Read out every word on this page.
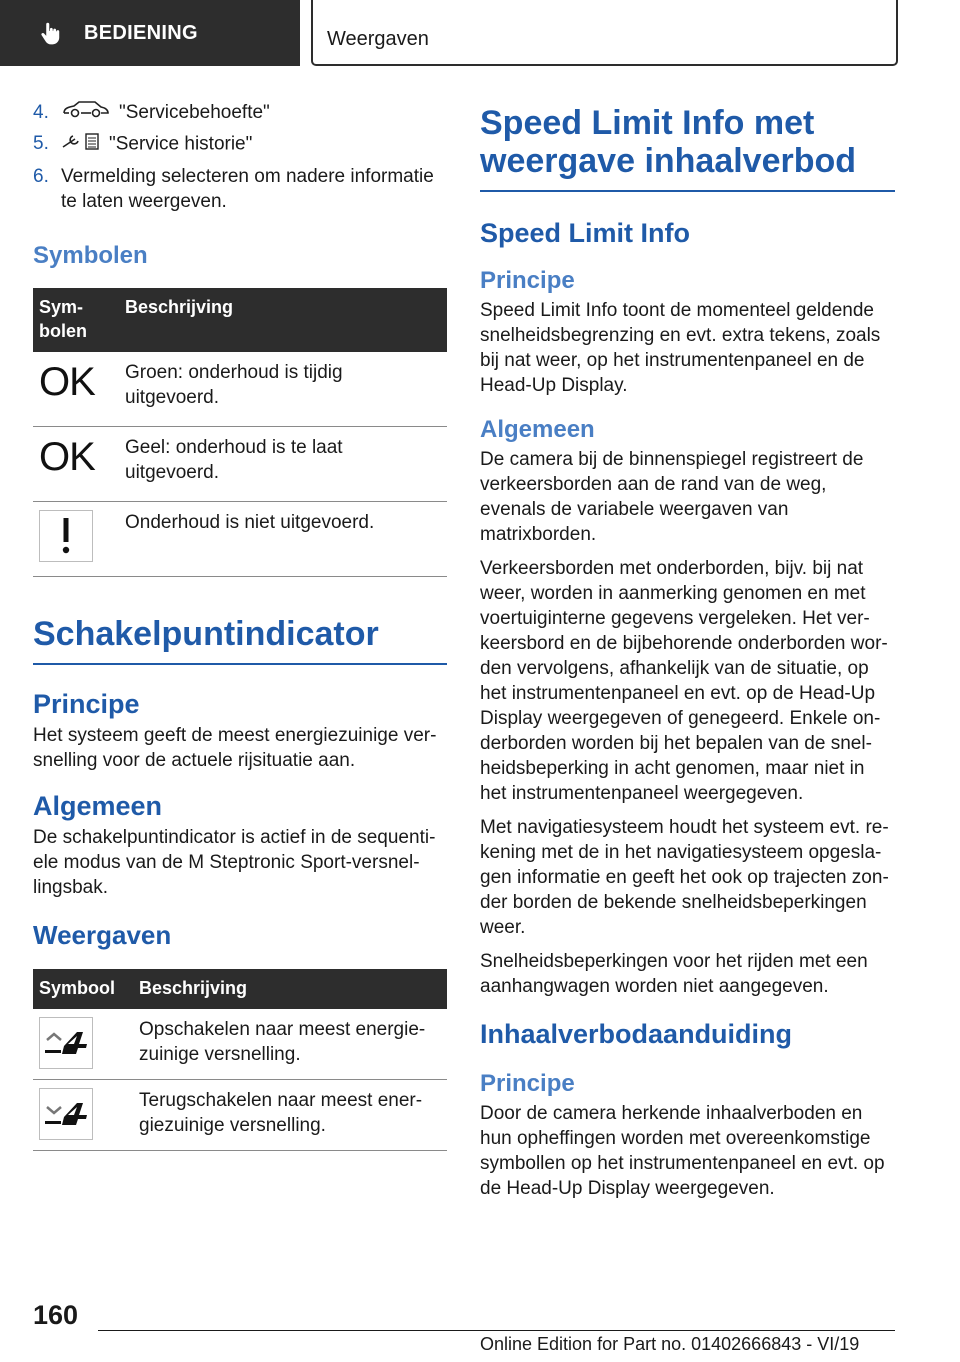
BEDIENING	Weergaven
4.	"Servicebehoefte"
5.	"Service historie"
6. Vermelding selecteren om nadere informatie te laten weergeven.
Symbolen
Sym-bolen	Beschrijving
OK	Groen: onderhoud is tijdig uitgevoerd.
OK	Geel: onderhoud is te laat uitgevoerd.

	Onderhoud is niet uitgevoerd.
Schakelpuntindicator
Principe

Het systeem geeft de meest energiezuinige versnelling voor de actuele rijsituatie aan.

Algemeen

De schakelpuntindicator is actief in de sequentiele modus van de M Steptronic Sport-versnellingsbak.

Weergaven
Symbool	Beschrijving

	Opschakelen naar meest energiezuinige versnelling.

	Terugschakelen naar meest energiezuinige versnelling.
Speed Limit Info met weergave inhaalverbod
Speed Limit Info
Principe

Speed Limit Info toont de momenteel geldende snelheidsbegrenzing en evt. extra tekens, zoals bij nat weer, op het instrumentenpaneel en de Head-Up Display.

Algemeen

De camera bij de binnenspiegel registreert de verkeersborden aan de rand van de weg, evenals de variabele weergaven van matrixborden.

Verkeersborden met onderborden, bijv. bij nat weer, worden in aanmerking genomen en met voertuiginterne gegevens vergeleken. Het verkeersbord en de bijbehorende onderborden worden vervolgens, afhankelijk van de situatie, op het instrumentenpaneel en evt. op de Head-Up Display weergegeven of genegeerd. Enkele onderborden worden bij het bepalen van de snelheidsbeperking in acht genomen, maar niet in het instrumentenpaneel weergegeven.

Met navigatiesysteem houdt het systeem evt. rekening met de in het navigatiesysteem opgeslagen informatie en geeft het ook op trajecten zonder borden de bekende snelheidsbeperkingen weer.

Snelheidsbeperkingen voor het rijden met een aanhangwagen worden niet aangegeven.

Inhaalverbodaanduiding
Principe

Door de camera herkende inhaalverboden en hun opheffingen worden met overeenkomstige symbollen op het instrumentenpaneel en evt. op de Head-Up Display weergegeven.

160
Online Edition for Part no. 01402666843 - VI/19
